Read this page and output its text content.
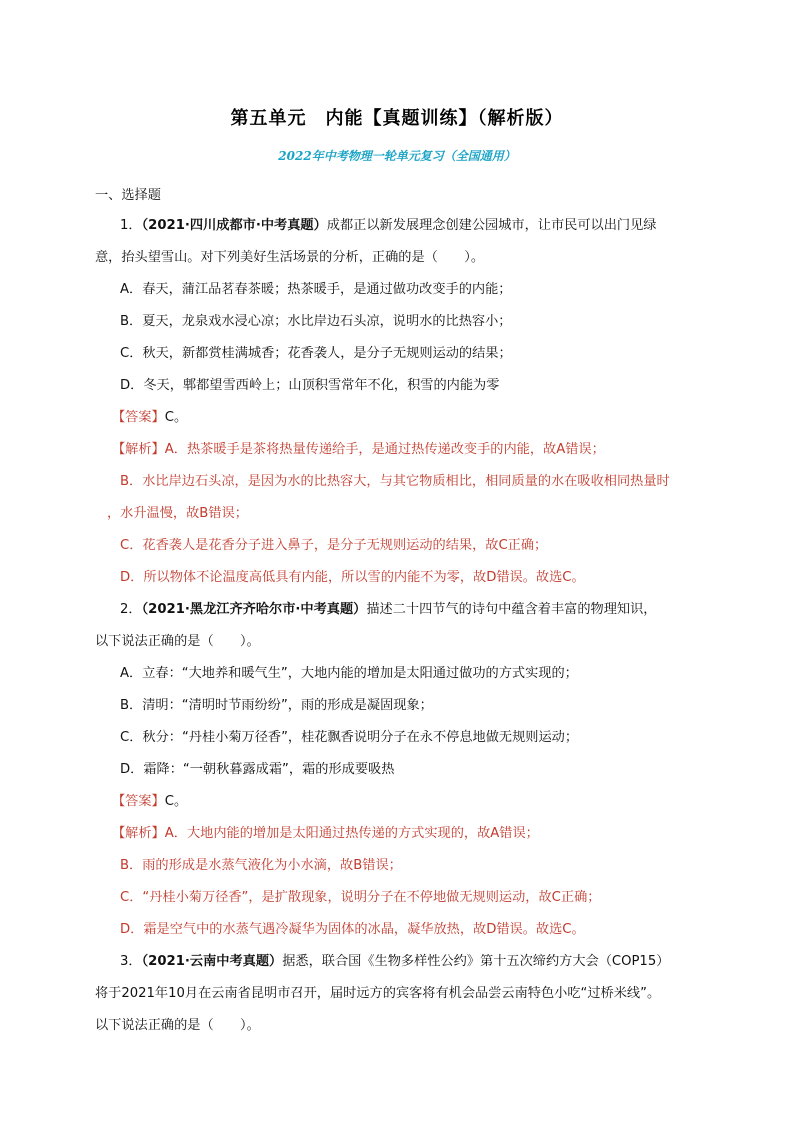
第五单元　内能【真题训练】（解析版）
2022年中考物理一轮单元复习（全国通用）
一、选择题
1．（2021·四川成都市·中考真题）成都正以新发展理念创建公园城市，让市民可以出门见绿
意，抬头望雪山。对下列美好生活场景的分析，正确的是（　　）。
A．春天，蒲江品茗春茶暖；热茶暖手，是通过做功改变手的内能；
B．夏天，龙泉戏水浸心凉；水比岸边石头凉，说明水的比热容小；
C．秋天，新都赏桂满城香；花香袭人，是分子无规则运动的结果；
D．冬天，郫都望雪西岭上；山顶积雪常年不化，积雪的内能为零
【答案】C。
【解析】A．热茶暖手是茶将热量传递给手，是通过热传递改变手的内能，故A错误；
B．水比岸边石头凉，是因为水的比热容大，与其它物质相比，相同质量的水在吸收相同热量时
，水升温慢，故B错误；
C．花香袭人是花香分子进入鼻子，是分子无规则运动的结果，故C正确；
D．所以物体不论温度高低具有内能，所以雪的内能不为零，故D错误。故选C。
2．（2021·黑龙江齐齐哈尔市·中考真题）描述二十四节气的诗句中蕴含着丰富的物理知识，
以下说法正确的是（　　）。
A．立春：“大地养和暖气生”，大地内能的增加是太阳通过做功的方式实现的；
B．清明：“清明时节雨纷纷”，雨的形成是凝固现象；
C．秋分：“丹桂小菊万径香”，桂花飘香说明分子在永不停息地做无规则运动；
D．霜降：“一朝秋暮露成霜”，霜的形成要吸热
【答案】C。
【解析】A．大地内能的增加是太阳通过热传递的方式实现的，故A错误；
B．雨的形成是水蒸气液化为小水滴，故B错误；
C．“丹桂小菊万径香”，是扩散现象，说明分子在不停地做无规则运动，故C正确；
D．霜是空气中的水蒸气遇冷凝华为固体的冰晶，凝华放热，故D错误。故选C。
3．（2021·云南中考真题）据悉，联合国《生物多样性公约》第十五次缔约方大会（COP15）
将于2021年10月在云南省昆明市召开，届时远方的宾客将有机会品尝云南特色小吃“过桥米线”。
以下说法正确的是（　　）。
